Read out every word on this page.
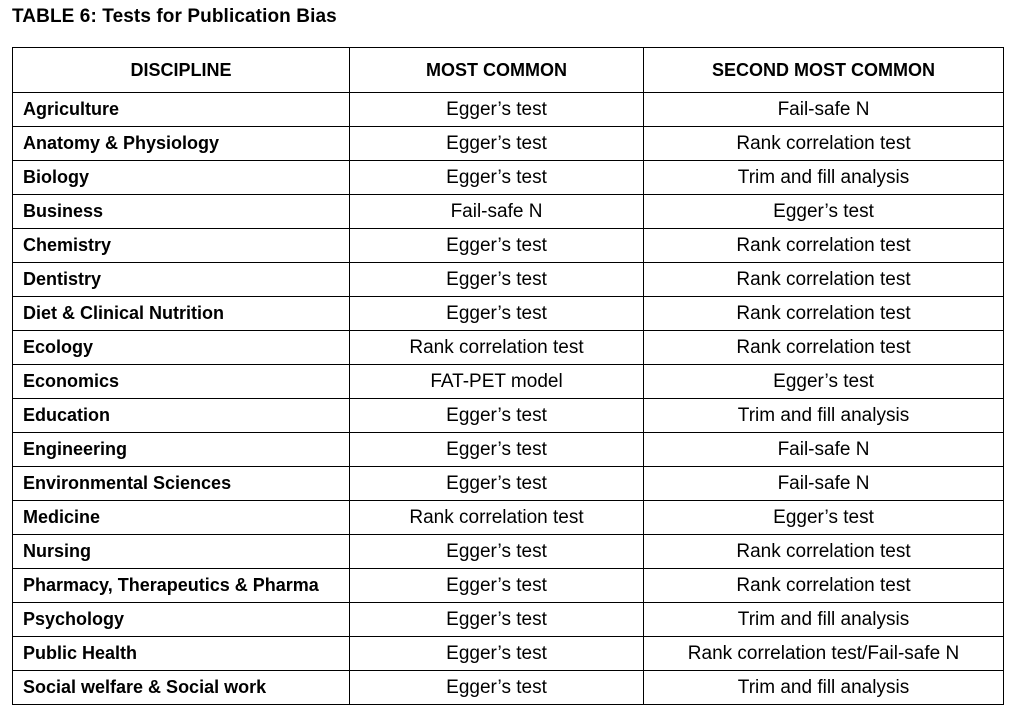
TABLE 6: Tests for Publication Bias
DISCIPLINE	MOST COMMON	SECOND MOST COMMON
Agriculture	Egger’s test	Fail-safe N
Anatomy & Physiology	Egger’s test	Rank correlation test
Biology	Egger’s test	Trim and fill analysis
Business	Fail-safe N	Egger’s test
Chemistry	Egger’s test	Rank correlation test
Dentistry	Egger’s test	Rank correlation test
Diet & Clinical Nutrition	Egger’s test	Rank correlation test
Ecology	Rank correlation test	Rank correlation test
Economics	FAT-PET model	Egger’s test
Education	Egger’s test	Trim and fill analysis
Engineering	Egger’s test	Fail-safe N
Environmental Sciences	Egger’s test	Fail-safe N
Medicine	Rank correlation test	Egger’s test
Nursing	Egger’s test	Rank correlation test
Pharmacy, Therapeutics & Pharma	Egger’s test	Rank correlation test
Psychology	Egger’s test	Trim and fill analysis
Public Health	Egger’s test	Rank correlation test/Fail-safe N
Social welfare & Social work	Egger’s test	Trim and fill analysis
